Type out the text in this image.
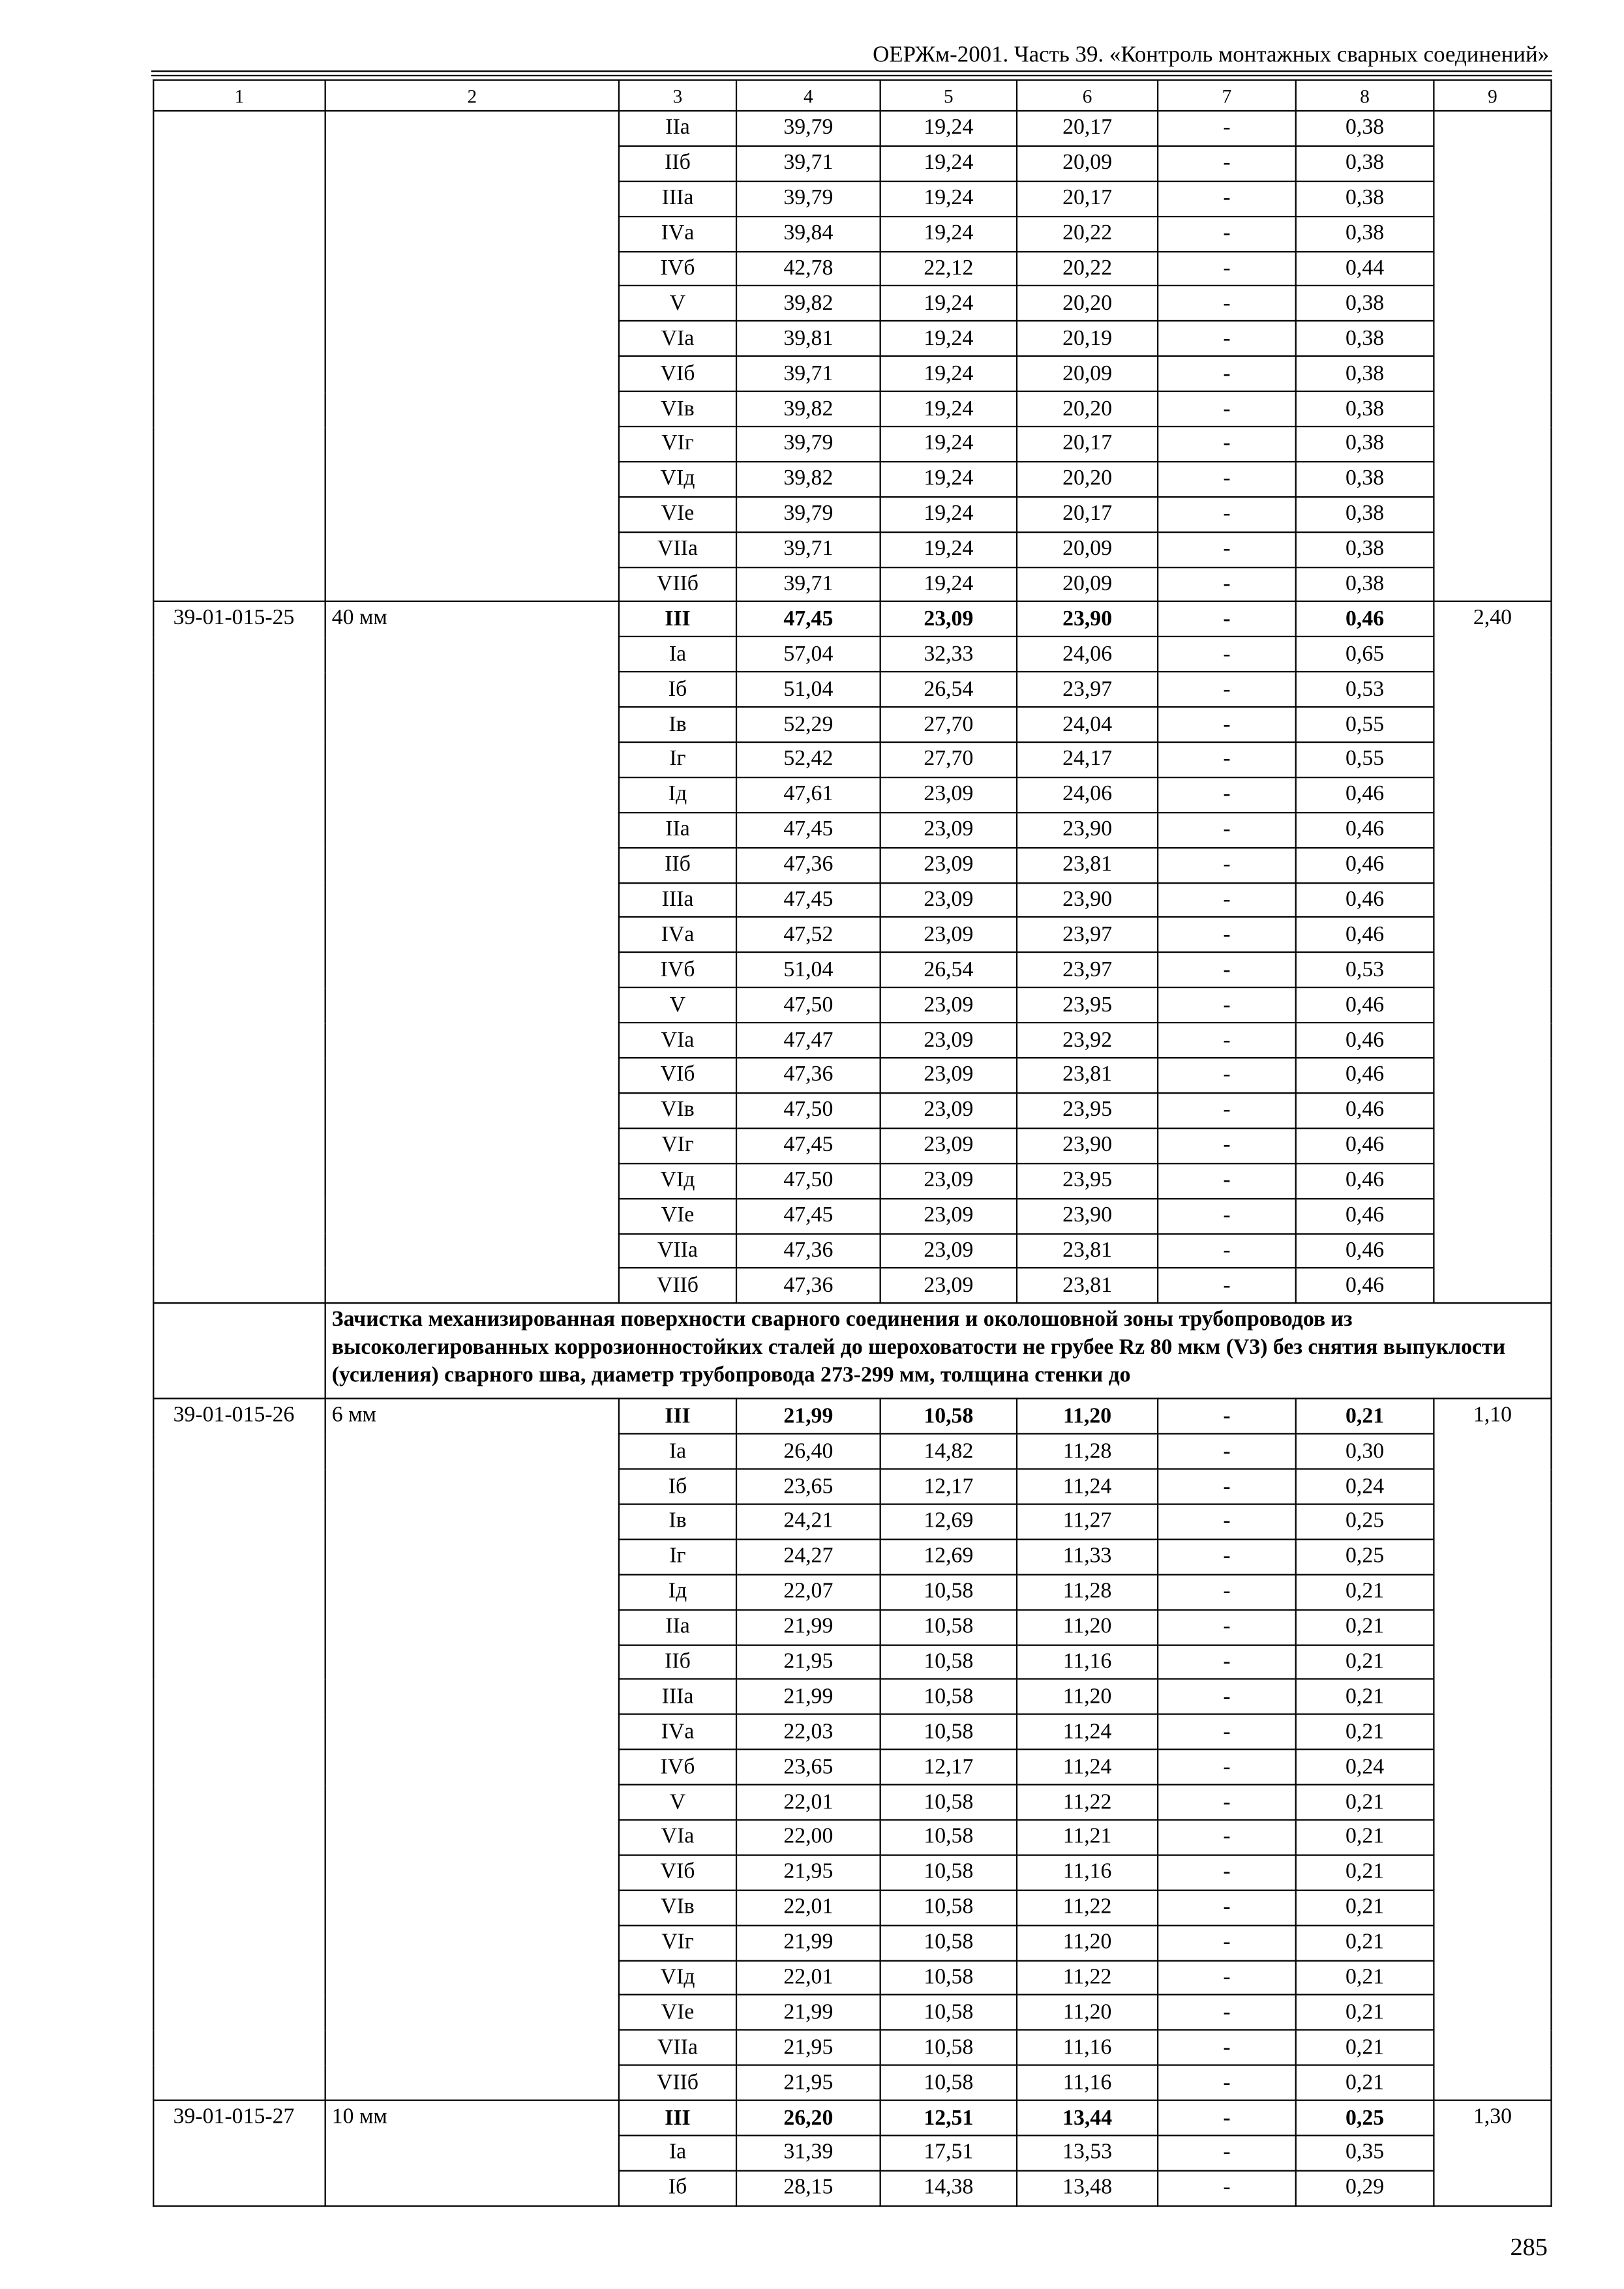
ОЕРЖм-2001. Часть 39. «Контроль монтажных сварных соединений»
1	2	3	4	5	6	7	8	9
		IIа	39,79	19,24	20,17	-	0,38	
		IIб	39,71	19,24	20,09	-	0,38	
		IIIа	39,79	19,24	20,17	-	0,38	
		IVа	39,84	19,24	20,22	-	0,38	
		IVб	42,78	22,12	20,22	-	0,44	
		V	39,82	19,24	20,20	-	0,38	
		VIа	39,81	19,24	20,19	-	0,38	
		VIб	39,71	19,24	20,09	-	0,38	
		VIв	39,82	19,24	20,20	-	0,38	
		VIг	39,79	19,24	20,17	-	0,38	
		VIд	39,82	19,24	20,20	-	0,38	
		VIе	39,79	19,24	20,17	-	0,38	
		VIIа	39,71	19,24	20,09	-	0,38	
		VIIб	39,71	19,24	20,09	-	0,38	
39-01-015-25	40 мм	III	47,45	23,09	23,90	-	0,46	2,40
		Iа	57,04	32,33	24,06	-	0,65	
		Iб	51,04	26,54	23,97	-	0,53	
		Iв	52,29	27,70	24,04	-	0,55	
		Iг	52,42	27,70	24,17	-	0,55	
		Iд	47,61	23,09	24,06	-	0,46	
		IIа	47,45	23,09	23,90	-	0,46	
		IIб	47,36	23,09	23,81	-	0,46	
		IIIа	47,45	23,09	23,90	-	0,46	
		IVа	47,52	23,09	23,97	-	0,46	
		IVб	51,04	26,54	23,97	-	0,53	
		V	47,50	23,09	23,95	-	0,46	
		VIа	47,47	23,09	23,92	-	0,46	
		VIб	47,36	23,09	23,81	-	0,46	
		VIв	47,50	23,09	23,95	-	0,46	
		VIг	47,45	23,09	23,90	-	0,46	
		VIд	47,50	23,09	23,95	-	0,46	
		VIе	47,45	23,09	23,90	-	0,46	
		VIIа	47,36	23,09	23,81	-	0,46	
		VIIб	47,36	23,09	23,81	-	0,46	
	Зачистка механизированная поверхности сварного соединения и околошовной зоны трубопроводов из высоколегированных коррозионностойких сталей до шероховатости не грубее Rz 80 мкм (V3) без снятия выпуклости (усиления) сварного шва, диаметр трубопровода 273-299 мм, толщина стенки до							
39-01-015-26	6 мм	III	21,99	10,58	11,20	-	0,21	1,10
		Iа	26,40	14,82	11,28	-	0,30	
		Iб	23,65	12,17	11,24	-	0,24	
		Iв	24,21	12,69	11,27	-	0,25	
		Iг	24,27	12,69	11,33	-	0,25	
		Iд	22,07	10,58	11,28	-	0,21	
		IIа	21,99	10,58	11,20	-	0,21	
		IIб	21,95	10,58	11,16	-	0,21	
		IIIа	21,99	10,58	11,20	-	0,21	
		IVа	22,03	10,58	11,24	-	0,21	
		IVб	23,65	12,17	11,24	-	0,24	
		V	22,01	10,58	11,22	-	0,21	
		VIа	22,00	10,58	11,21	-	0,21	
		VIб	21,95	10,58	11,16	-	0,21	
		VIв	22,01	10,58	11,22	-	0,21	
		VIг	21,99	10,58	11,20	-	0,21	
		VIд	22,01	10,58	11,22	-	0,21	
		VIе	21,99	10,58	11,20	-	0,21	
		VIIа	21,95	10,58	11,16	-	0,21	
		VIIб	21,95	10,58	11,16	-	0,21	
39-01-015-27	10 мм	III	26,20	12,51	13,44	-	0,25	1,30
		Iа	31,39	17,51	13,53	-	0,35	
		Iб	28,15	14,38	13,48	-	0,29	
285
